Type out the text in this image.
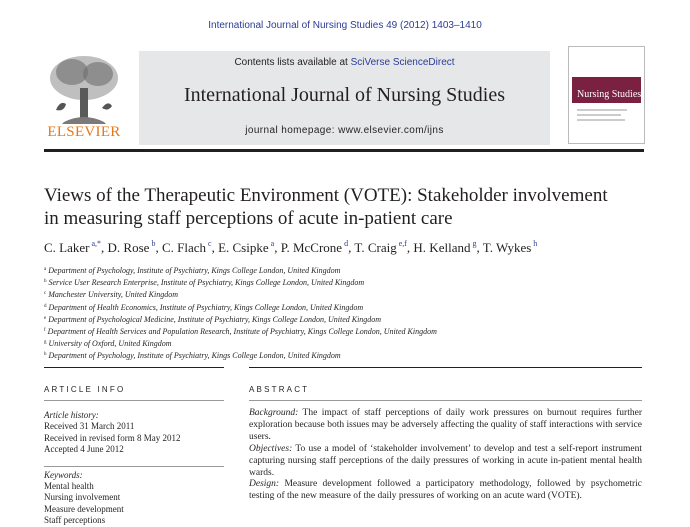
International Journal of Nursing Studies 49 (2012) 1403–1410
ELSEVIER
Contents lists available at SciVerse ScienceDirect
International Journal of Nursing Studies
journal homepage: www.elsevier.com/ijns
Nursing Studies
Views of the Therapeutic Environment (VOTE): Stakeholder involvement
in measuring staff perceptions of acute in-patient care
C. Laker $^{a,*}$, D. Rose $^b$, C. Flach $^c$, E. Csipke $^a$, P. McCrone $^d$, T. Craig $^{e,f}$, H. Kelland $^g$, T. Wykes $^h$
$^a$ Department of Psychology, Institute of Psychiatry, Kings College London, United Kingdom
$^b$ Service User Research Enterprise, Institute of Psychiatry, Kings College London, United Kingdom
$^c$ Manchester University, United Kingdom
$^d$ Department of Health Economics, Institute of Psychiatry, Kings College London, United Kingdom
$^e$ Department of Psychological Medicine, Institute of Psychiatry, Kings College London, United Kingdom
$^f$ Department of Health Services and Population Research, Institute of Psychiatry, Kings College London, United Kingdom
$^g$ University of Oxford, United Kingdom
$^h$ Department of Psychology, Institute of Psychiatry, Kings College London, United Kingdom
ARTICLE INFO	ABSTRACT
Article history:
Received 31 March 2011
Received in revised form 8 May 2012
Accepted 4 June 2012
Keywords:
Mental health
Nursing involvement
Measure development
Staff perceptions

Background: The impact of staff perceptions of daily work pressures on burnout requires further exploration because both issues may be adversely affecting the quality of staff interactions with service users.

Objectives: To use a model of ‘stakeholder involvement’ to develop and test a self-report instrument capturing nursing staff perceptions of the daily pressures of working in acute in-patient mental health wards.

Design: Measure development followed a participatory methodology, followed by psychometric testing of the new measure of the daily pressures of working on an acute ward (VOTE).
